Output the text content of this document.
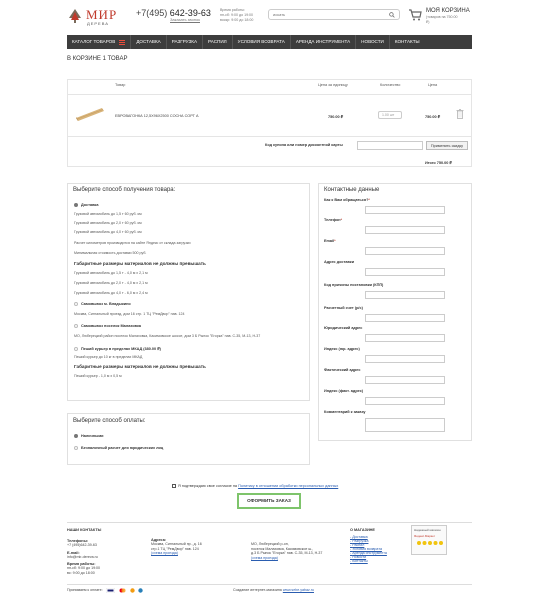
МИР
ДЕРЕВА
+7(495) 642-39-63
Заказать звонок
Время работы:
пн-сб: 9:00 до 19:00
воскр: 9:00 до 18:00
искать
МОЯ КОРЗИНА
(товаров на 750.00
₽)
КАТАЛОГ ТОВАРОВ	ДОСТАВКА	РАЗГРУЗКА	РАСПИЛ	УСЛОВИЯ ВОЗВРАТА	АРЕНДА ИНСТРУМЕНТА	НОВОСТИ	КОНТАКТЫ
В КОРЗИНЕ 1 ТОВАР
Товар	Цена за единицу	Количество	Цена
ЕВРОВАГОНКА 12,5Х96Х2500 СОСНА СОРТ А	750.00 ₽	1.00 шт	750.00 ₽
Код купона или номер дисконтной карты	Применить скидку
Итого 750.00 ₽
Выберите способ получения товара:
Доставка
Грузовой автомобиль до 1,5 т 60 руб. км
Грузовой автомобиль до 2,0 т 60 руб. км
Грузовой автомобиль до 4,0 т 60 руб. км
Расчет километров производится на сайте Яндекс от склада загрузки
Минимальная стоимость доставки 500 руб.
Габаритные размеры материалов не должны превышать
Грузовой автомобиль до 1,5 т - 4,0 м х 2,1 м
Грузовой автомобиль до 2,0 т - 4,0 м х 2,1 м
Грузовой автомобиль до 4,0 т - 6,0 м х 2,4 м
Самовывоз м. Владыкино
Москва, Сигнальный проезд, дом 16 стр. 1 ТЦ "РемДвор" пав. 124
Самовывоз поселок Малаховка
МО, Люберецкий район поселок Малаховка, Касимовское шоссе, дом 3 Б Рынок "Егорка" пав. С-35, М-13, Н-37
Пеший курьер в пределах МКАД (380.00 ₽)
Пеший курьер до 10 кг в пределах МКАД
Габаритные размеры материалов не должны превышать
Пеший курьер - 1,0 м х 0,5 м
Контактные данные
Как к Вам обращаться?*
Телефон*
Email*
Адрес доставки
Код причины постановки (КПП)
Расчетный счет (р/с)
Юридический адрес
Индекс (юр. адрес)
Фактический адрес
Индекс (факт. адрес)
Комментарий к заказу
Выберите способ оплаты:
Наличными
Безналичный расчет для юридических лиц
Я подтверждаю свое согласие на Политику в отношении обработки персональных данных
ОФОРМИТЬ ЗАКАЗ
НАШИ КОНТАКТЫ
Телефоны:
+7 (495)642-39-63
E-mail:
info@mir-dereva.ru
Время работы:
пн-сб: 9:00 до 19:00
вс: 9:00 до 18:00
Адреса:
Москва, Сигнальный пр., д. 16
стр.1 ТЦ "РемДвор" пав. 124
(схема проезда)
МО, Люберецкий р-он,
поселок Малаховка, Касимовское ш.,
д.3 Б Рынок "Егорка" пав. С-35, М-13, Н-37
(схема проезда)
О МАГАЗИНЕ
- Доставка
- Разгрузка
- Распил
- Условия возврата
- Аренда инструмента
- Новости
- Контакты
Надежный магазин
Яндекс.Маркет
Принимаем к оплате:	Создание интернет-магазина www.sebe.yabaz.ru
